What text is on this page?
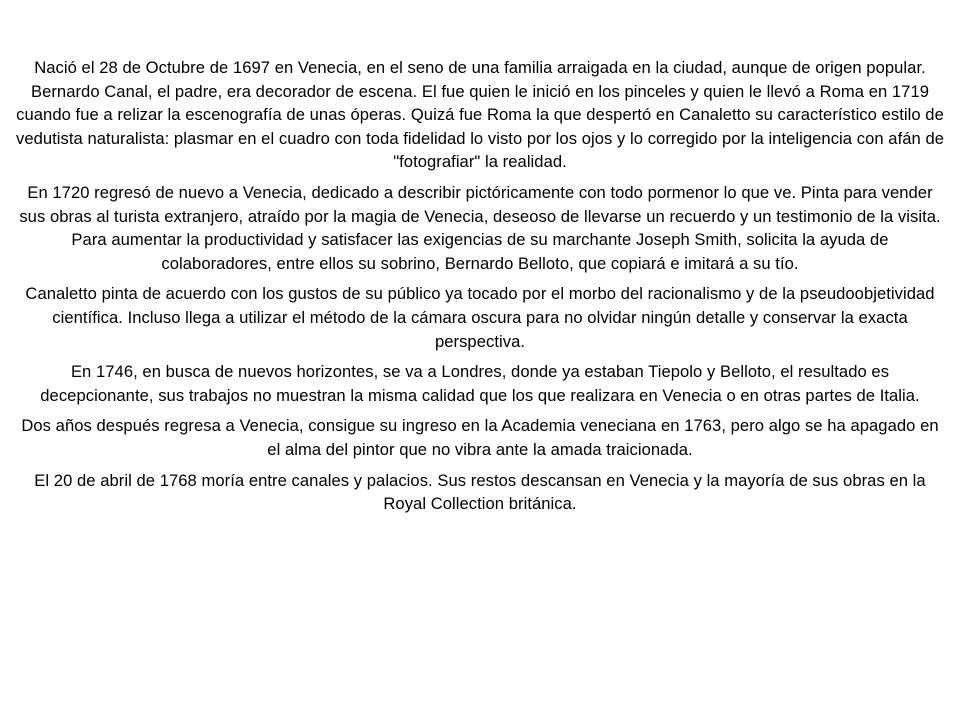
Nació el 28 de Octubre de 1697 en Venecia, en el seno de una familia arraigada en la ciudad, aunque de origen popular. Bernardo Canal, el padre, era decorador de escena. El fue quien le inició en los pinceles y quien le llevó a Roma en 1719 cuando fue a relizar la escenografía de unas óperas. Quizá fue Roma la que despertó en Canaletto su característico estilo de vedutista naturalista: plasmar en el cuadro con toda fidelidad lo visto por los ojos y lo corregido por la inteligencia con afán de "fotografiar" la realidad.

En 1720 regresó de nuevo a Venecia, dedicado a describir pictóricamente con todo pormenor lo que ve. Pinta para vender sus obras al turista extranjero, atraído por la magia de Venecia, deseoso de llevarse un recuerdo y un testimonio de la visita. Para aumentar la productividad y satisfacer las exigencias de su marchante Joseph Smith, solicita la ayuda de colaboradores, entre ellos su sobrino, Bernardo Belloto, que copiará e imitará a su tío.

Canaletto pinta de acuerdo con los gustos de su público ya tocado por el morbo del racionalismo y de la pseudoobjetividad científica. Incluso llega a utilizar el método de la cámara oscura para no olvidar ningún detalle y conservar la exacta perspectiva.

En 1746, en busca de nuevos horizontes, se va a Londres, donde ya estaban Tiepolo y Belloto, el resultado es decepcionante, sus trabajos no muestran la misma calidad que los que realizara en Venecia o en otras partes de Italia.

Dos años después regresa a Venecia, consigue su ingreso en la Academia veneciana en 1763, pero algo se ha apagado en el alma del pintor que no vibra ante la amada traicionada.

El 20 de abril de 1768 moría entre canales y palacios. Sus restos descansan en Venecia y la mayoría de sus obras en la Royal Collection británica.
